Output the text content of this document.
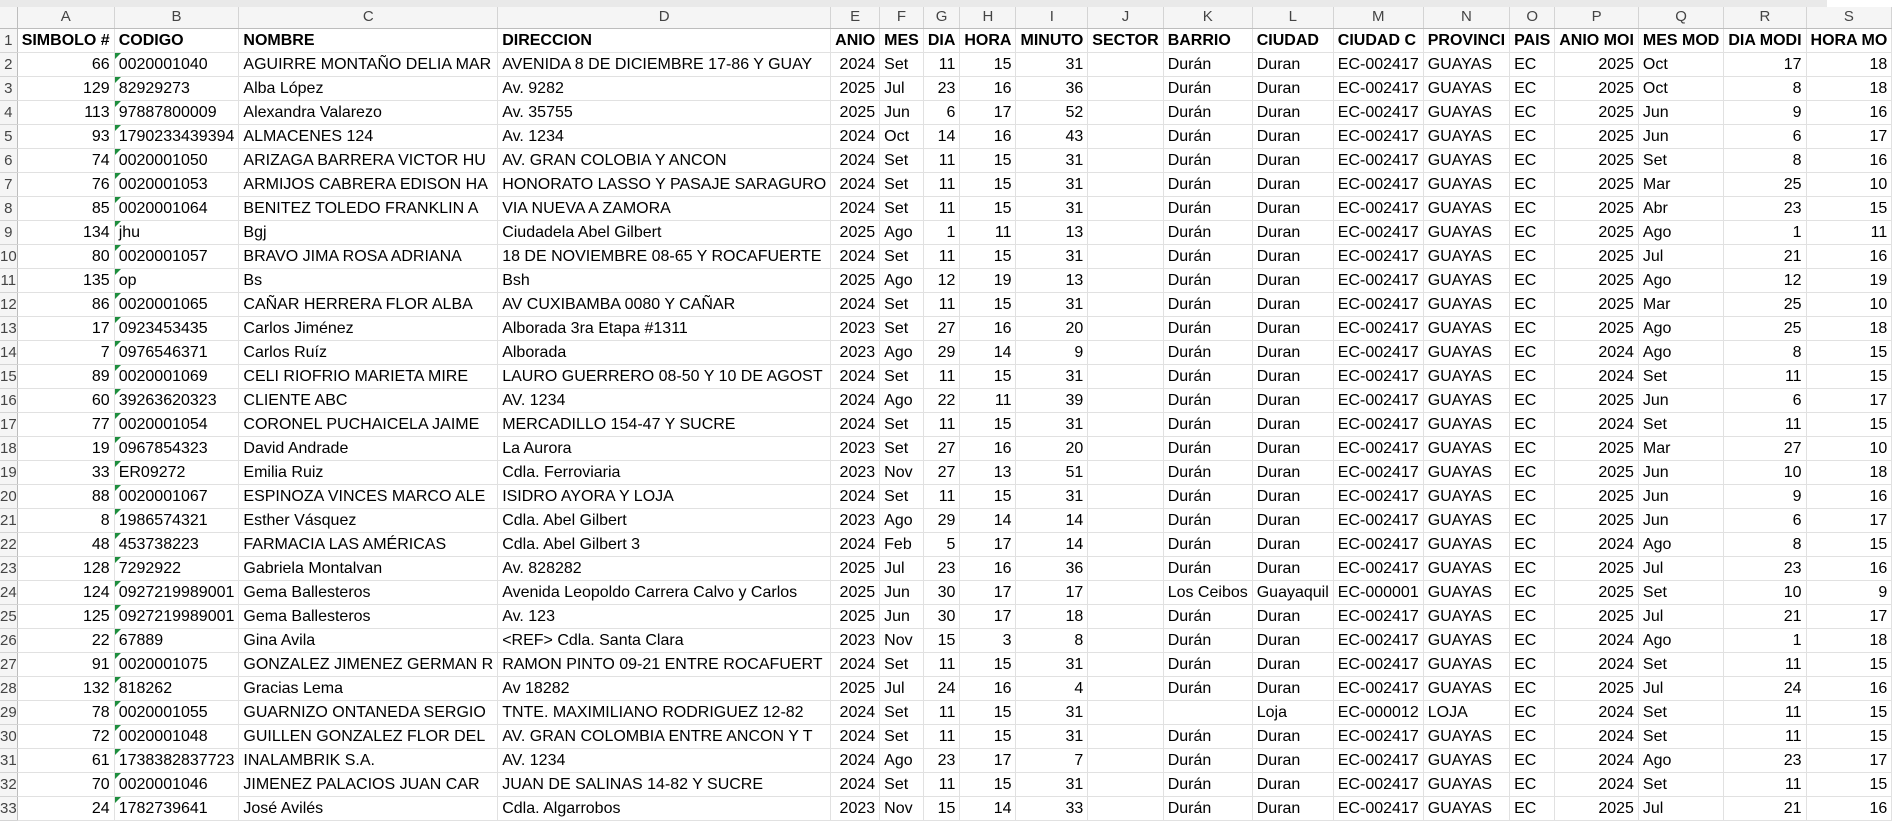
	A	B	C	D	E	F	G	H	I	J	K	L	M	N	O	P	Q	R	S
1	SIMBOLO #	CODIGO	NOMBRE	DIRECCION	ANIO	MES	DIA	HORA	MINUTO	SECTOR	BARRIO	CIUDAD	CIUDAD C	PROVINCI	PAIS	ANIO MOI	MES MOD	DIA MODI	HORA MO
2	66	0020001040	AGUIRRE MONTAÑO DELIA MAR	AVENIDA 8 DE DICIEMBRE 17-86 Y GUAY	2024	Set	11	15	31		Durán	Duran	EC-002417	GUAYAS	EC	2025	Oct	17	18
3	129	82929273	Alba López	Av. 9282	2025	Jul	23	16	36		Durán	Duran	EC-002417	GUAYAS	EC	2025	Oct	8	18
4	113	97887800009	Alexandra Valarezo	Av. 35755	2025	Jun	6	17	52		Durán	Duran	EC-002417	GUAYAS	EC	2025	Jun	9	16
5	93	1790233439394	ALMACENES 124	Av. 1234	2024	Oct	14	16	43		Durán	Duran	EC-002417	GUAYAS	EC	2025	Jun	6	17
6	74	0020001050	ARIZAGA BARRERA VICTOR HU	AV. GRAN COLOBIA Y ANCON	2024	Set	11	15	31		Durán	Duran	EC-002417	GUAYAS	EC	2025	Set	8	16
7	76	0020001053	ARMIJOS CABRERA EDISON HA	HONORATO LASSO Y PASAJE SARAGURO	2024	Set	11	15	31		Durán	Duran	EC-002417	GUAYAS	EC	2025	Mar	25	10
8	85	0020001064	BENITEZ TOLEDO FRANKLIN A	VIA NUEVA A ZAMORA	2024	Set	11	15	31		Durán	Duran	EC-002417	GUAYAS	EC	2025	Abr	23	15
9	134	jhu	Bgj	Ciudadela Abel Gilbert	2025	Ago	1	11	13		Durán	Duran	EC-002417	GUAYAS	EC	2025	Ago	1	11
10	80	0020001057	BRAVO JIMA ROSA ADRIANA	18 DE NOVIEMBRE 08-65 Y ROCAFUERTE	2024	Set	11	15	31		Durán	Duran	EC-002417	GUAYAS	EC	2025	Jul	21	16
11	135	op	Bs	Bsh	2025	Ago	12	19	13		Durán	Duran	EC-002417	GUAYAS	EC	2025	Ago	12	19
12	86	0020001065	CAÑAR HERRERA FLOR ALBA	AV CUXIBAMBA 0080 Y CAÑAR	2024	Set	11	15	31		Durán	Duran	EC-002417	GUAYAS	EC	2025	Mar	25	10
13	17	0923453435	Carlos Jiménez	Alborada 3ra Etapa #1311	2023	Set	27	16	20		Durán	Duran	EC-002417	GUAYAS	EC	2025	Ago	25	18
14	7	0976546371	Carlos Ruíz	Alborada	2023	Ago	29	14	9		Durán	Duran	EC-002417	GUAYAS	EC	2024	Ago	8	15
15	89	0020001069	CELI RIOFRIO MARIETA MIRE	LAURO GUERRERO 08-50 Y 10 DE AGOST	2024	Set	11	15	31		Durán	Duran	EC-002417	GUAYAS	EC	2024	Set	11	15
16	60	39263620323	CLIENTE ABC	AV. 1234	2024	Ago	22	11	39		Durán	Duran	EC-002417	GUAYAS	EC	2025	Jun	6	17
17	77	0020001054	CORONEL PUCHAICELA JAIME	MERCADILLO 154-47 Y SUCRE	2024	Set	11	15	31		Durán	Duran	EC-002417	GUAYAS	EC	2024	Set	11	15
18	19	0967854323	David Andrade	La Aurora	2023	Set	27	16	20		Durán	Duran	EC-002417	GUAYAS	EC	2025	Mar	27	10
19	33	ER09272	Emilia Ruiz	Cdla. Ferroviaria	2023	Nov	27	13	51		Durán	Duran	EC-002417	GUAYAS	EC	2025	Jun	10	18
20	88	0020001067	ESPINOZA VINCES MARCO ALE	ISIDRO AYORA Y LOJA	2024	Set	11	15	31		Durán	Duran	EC-002417	GUAYAS	EC	2025	Jun	9	16
21	8	1986574321	Esther Vásquez	Cdla. Abel Gilbert	2023	Ago	29	14	14		Durán	Duran	EC-002417	GUAYAS	EC	2025	Jun	6	17
22	48	453738223	FARMACIA LAS AMÉRICAS	Cdla. Abel Gilbert 3	2024	Feb	5	17	14		Durán	Duran	EC-002417	GUAYAS	EC	2024	Ago	8	15
23	128	7292922	Gabriela Montalvan	Av. 828282	2025	Jul	23	16	36		Durán	Duran	EC-002417	GUAYAS	EC	2025	Jul	23	16
24	124	0927219989001	Gema Ballesteros	Avenida Leopoldo Carrera Calvo y Carlos	2025	Jun	30	17	17		Los Ceibos	Guayaquil	EC-000001	GUAYAS	EC	2025	Set	10	9
25	125	0927219989001	Gema Ballesteros	Av. 123	2025	Jun	30	17	18		Durán	Duran	EC-002417	GUAYAS	EC	2025	Jul	21	17
26	22	67889	Gina Avila	<REF> Cdla. Santa Clara	2023	Nov	15	3	8		Durán	Duran	EC-002417	GUAYAS	EC	2024	Ago	1	18
27	91	0020001075	GONZALEZ JIMENEZ GERMAN R	RAMON PINTO 09-21 ENTRE ROCAFUERT	2024	Set	11	15	31		Durán	Duran	EC-002417	GUAYAS	EC	2024	Set	11	15
28	132	818262	Gracias Lema	Av 18282	2025	Jul	24	16	4		Durán	Duran	EC-002417	GUAYAS	EC	2025	Jul	24	16
29	78	0020001055	GUARNIZO ONTANEDA SERGIO	TNTE. MAXIMILIANO RODRIGUEZ 12-82	2024	Set	11	15	31			Loja	EC-000012	LOJA	EC	2024	Set	11	15
30	72	0020001048	GUILLEN GONZALEZ FLOR DEL	AV. GRAN COLOMBIA ENTRE ANCON Y T	2024	Set	11	15	31		Durán	Duran	EC-002417	GUAYAS	EC	2024	Set	11	15
31	61	1738382837723	INALAMBRIK S.A.	AV. 1234	2024	Ago	23	17	7		Durán	Duran	EC-002417	GUAYAS	EC	2024	Ago	23	17
32	70	0020001046	JIMENEZ PALACIOS JUAN CAR	JUAN DE SALINAS 14-82 Y SUCRE	2024	Set	11	15	31		Durán	Duran	EC-002417	GUAYAS	EC	2024	Set	11	15
33	24	1782739641	José Avilés	Cdla. Algarrobos	2023	Nov	15	14	33		Durán	Duran	EC-002417	GUAYAS	EC	2025	Jul	21	16
